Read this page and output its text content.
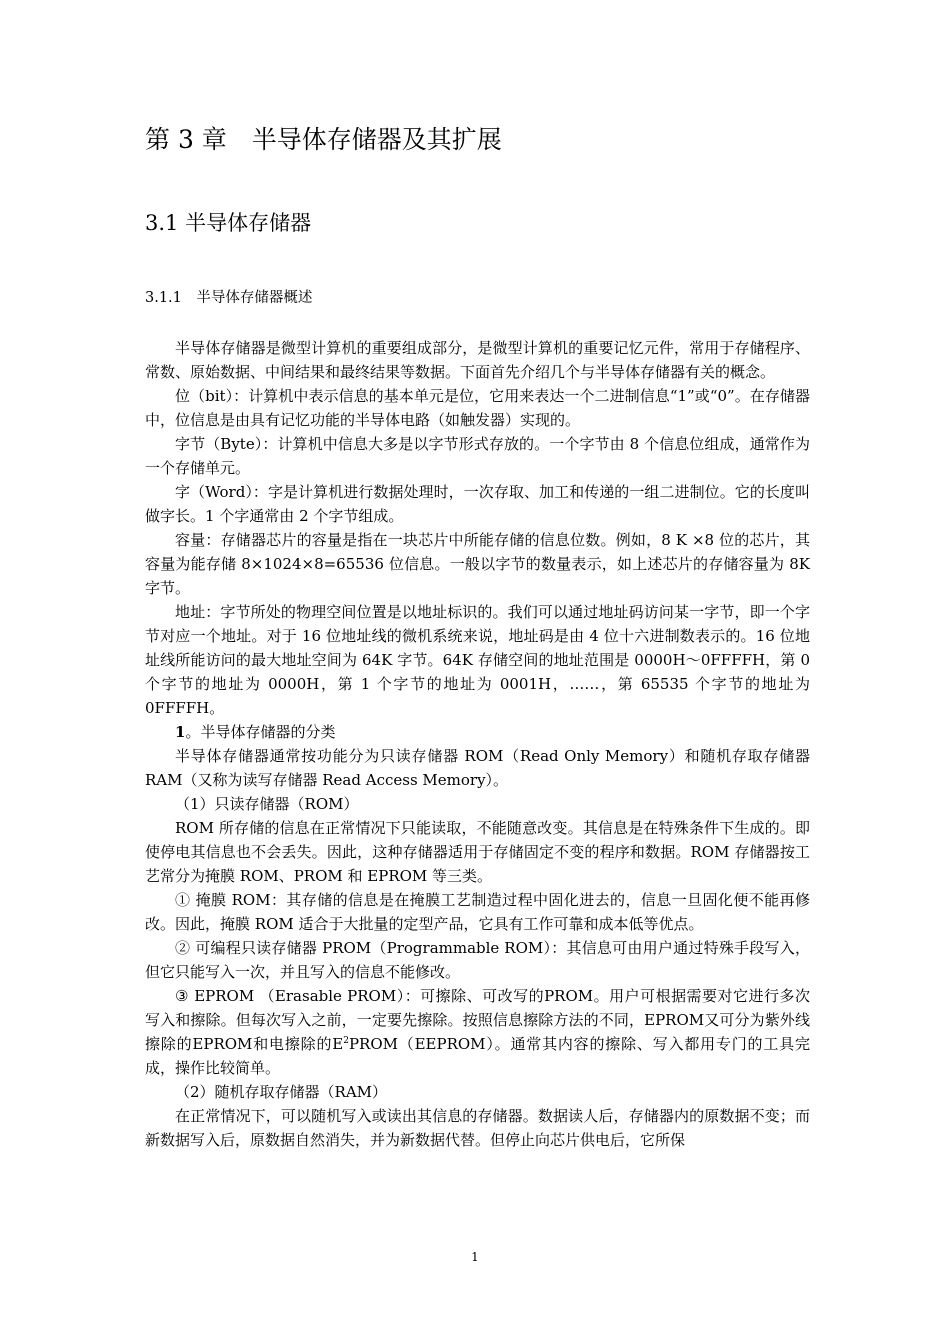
第 3 章　半导体存储器及其扩展
3.1 半导体存储器
3.1.1　半导体存储器概述

半导体存储器是微型计算机的重要组成部分，是微型计算机的重要记忆元件，常用于存储程序、常数、原始数据、中间结果和最终结果等数据。下面首先介绍几个与半导体存储器有关的概念。

位（bit）：计算机中表示信息的基本单元是位，它用来表达一个二进制信息“1”或“0”。在存储器中，位信息是由具有记忆功能的半导体电路（如触发器）实现的。

字节（Byte）：计算机中信息大多是以字节形式存放的。一个字节由 8 个信息位组成，通常作为一个存储单元。

字（Word）：字是计算机进行数据处理时，一次存取、加工和传递的一组二进制位。它的长度叫做字长。1 个字通常由 2 个字节组成。

容量：存储器芯片的容量是指在一块芯片中所能存储的信息位数。例如，8 K ×8 位的芯片，其容量为能存储 8×1024×8=65536 位信息。一般以字节的数量表示，如上述芯片的存储容量为 8K 字节。

地址：字节所处的物理空间位置是以地址标识的。我们可以通过地址码访问某一字节，即一个字节对应一个地址。对于 16 位地址线的微机系统来说，地址码是由 4 位十六进制数表示的。16 位地址线所能访问的最大地址空间为 64K 字节。64K 存储空间的地址范围是 0000H～0FFFFH，第 0 个字节的地址为 0000H，第 1 个字节的地址为 0001H，……，第 65535 个字节的地址为 0FFFFH。

1。半导体存储器的分类

半导体存储器通常按功能分为只读存储器 ROM（Read Only Memory）和随机存取存储器 RAM（又称为读写存储器 Read Access Memory）。

（1）只读存储器（ROM）

ROM 所存储的信息在正常情况下只能读取，不能随意改变。其信息是在特殊条件下生成的。即使停电其信息也不会丢失。因此，这种存储器适用于存储固定不变的程序和数据。ROM 存储器按工艺常分为掩膜 ROM、PROM 和 EPROM 等三类。

① 掩膜 ROM：其存储的信息是在掩膜工艺制造过程中固化进去的，信息一旦固化便不能再修改。因此，掩膜 ROM 适合于大批量的定型产品，它具有工作可靠和成本低等优点。

② 可编程只读存储器 PROM（Programmable ROM）：其信息可由用户通过特殊手段写入，但它只能写入一次，并且写入的信息不能修改。

③ EPROM （Erasable PROM）：可擦除、可改写的PROM。用户可根据需要对它进行多次写入和擦除。但每次写入之前，一定要先擦除。按照信息擦除方法的不同，EPROM又可分为紫外线擦除的EPROM和电擦除的$E^2PROM(EEPROM)$。通常其内容的擦除、写入都用专门的工具完成，操作比较简单。

（2）随机存取存储器（RAM）

在正常情况下，可以随机写入或读出其信息的存储器。数据读人后，存储器内的原数据不变；而新数据写入后，原数据自然消失，并为新数据代替。但停止向芯片供电后，它所保

1
